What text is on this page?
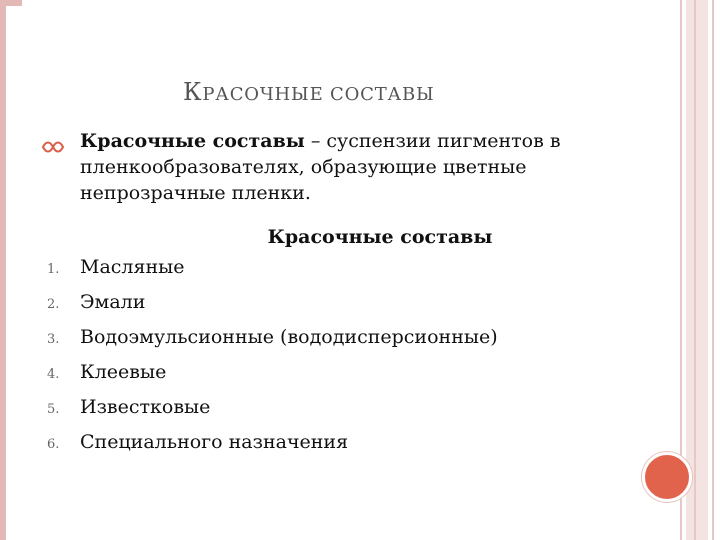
КРАСОЧНЫЕ СОСТАВЫ

Красочные составы – суспензии пигментов в пленкообразователях, образующие цветные непрозрачные пленки.

Красочные составы
1. Масляные
2. Эмали
3. Водоэмульсионные (вододисперсионные)
4. Клеевые
5. Известковые
6. Специального назначения
